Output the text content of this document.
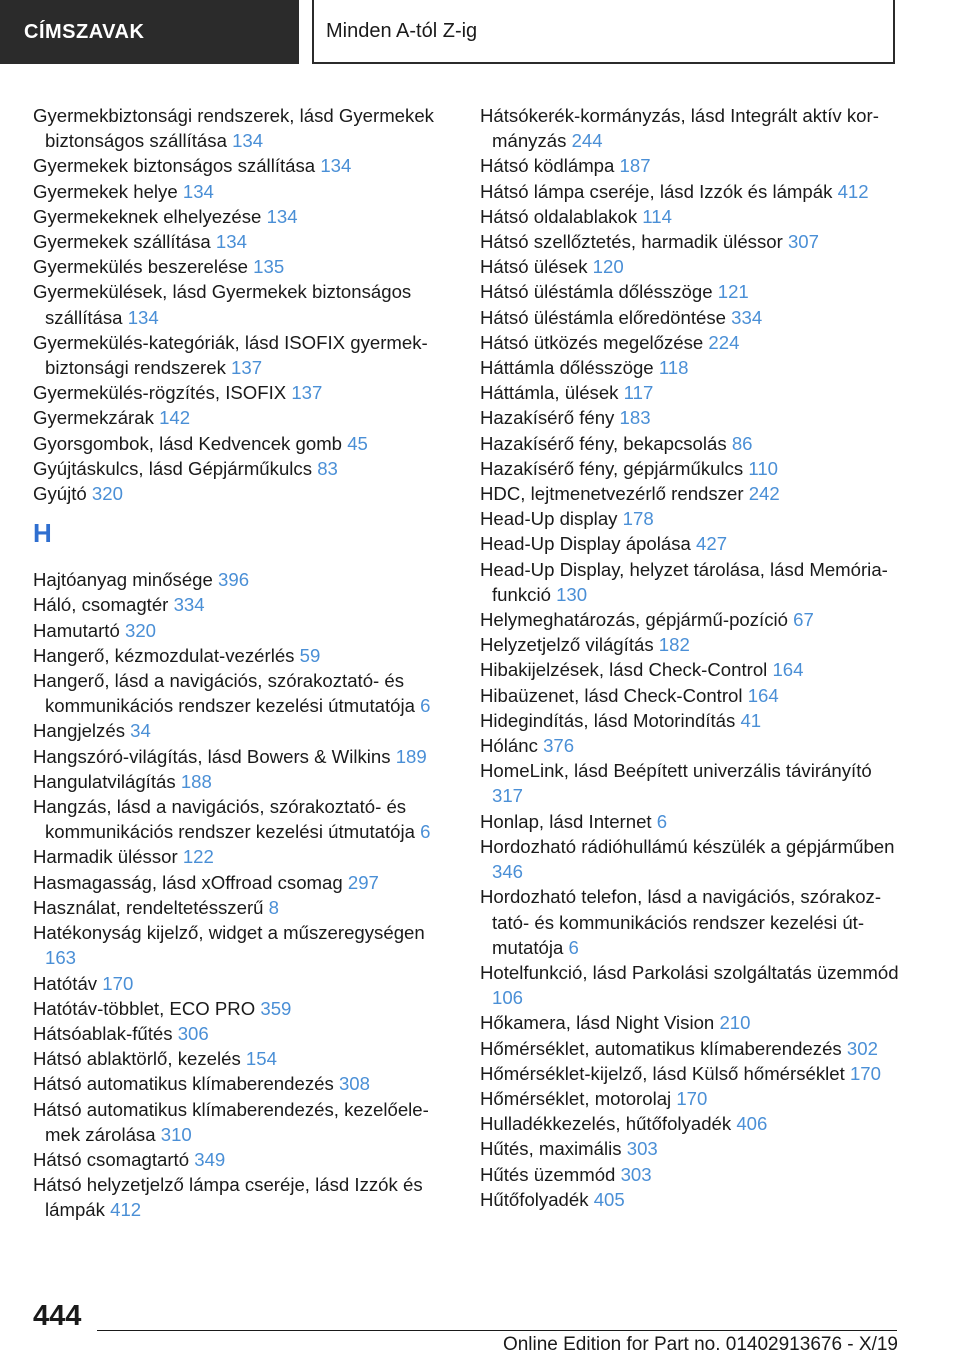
CÍMSZAVAK	Minden A-tól Z-ig
Gyermekbiztonsági rendszerek, lásd Gyermekek biztonságos szállítása 134
Gyermekek biztonságos szállítása 134
Gyermekek helye 134
Gyermekeknek elhelyezése 134
Gyermekek szállítása 134
Gyermekülés beszerelése 135
Gyermekülések, lásd Gyermekek biztonságos szállítása 134
Gyermekülés-kategóriák, lásd ISOFIX gyermekbiztonsági rendszerek 137
Gyermekülés-rögzítés, ISOFIX 137
Gyermekzárak 142
Gyorsgombok, lásd Kedvencek gomb 45
Gyújtáskulcs, lásd Gépjárműkulcs 83
Gyújtó 320
H
Hajtóanyag minősége 396
Háló, csomagtér 334
Hamutartó 320
Hangerő, kézmozdulat-vezérlés 59
Hangerő, lásd a navigációs, szórakoztató- és kommunikációs rendszer kezelési útmutatója 6
Hangjelzés 34
Hangszóró-világítás, lásd Bowers & Wilkins 189
Hangulatvilágítás 188
Hangzás, lásd a navigációs, szórakoztató- és kommunikációs rendszer kezelési útmutatója 6
Harmadik üléssor 122
Hasmagasság, lásd xOffroad csomag 297
Használat, rendeltetésszerű 8
Hatékonyság kijelző, widget a műszeregységen 163
Hatótáv 170
Hatótáv-többlet, ECO PRO 359
Hátsóablak-fűtés 306
Hátsó ablaktörlő, kezelés 154
Hátsó automatikus klímaberendezés 308
Hátsó automatikus klímaberendezés, kezelőelemek zárolása 310
Hátsó csomagtartó 349
Hátsó helyzetjelző lámpa cseréje, lásd Izzók és lámpák 412
Hátsókerék-kormányzás, lásd Integrált aktív kormányzás 244
Hátsó ködlámpa 187
Hátsó lámpa cseréje, lásd Izzók és lámpák 412
Hátsó oldalablakok 114
Hátsó szellőztetés, harmadik üléssor 307
Hátsó ülések 120
Hátsó üléstámla dőlésszöge 121
Hátsó üléstámla előredöntése 334
Hátsó ütközés megelőzése 224
Háttámla dőlésszöge 118
Háttámla, ülések 117
Hazakísérő fény 183
Hazakísérő fény, bekapcsolás 86
Hazakísérő fény, gépjárműkulcs 110
HDC, lejtmenetvezérlő rendszer 242
Head-Up display 178
Head-Up Display ápolása 427
Head-Up Display, helyzet tárolása, lásd Memóriafunkció 130
Helymeghatározás, gépjármű-pozíció 67
Helyzetjelző világítás 182
Hibakijelzések, lásd Check-Control 164
Hibaüzenet, lásd Check-Control 164
Hidegindítás, lásd Motorindítás 41
Hólánc 376
HomeLink, lásd Beépített univerzális távirányító 317
Honlap, lásd Internet 6
Hordozható rádióhullámú készülék a gépjárműben 346
Hordozható telefon, lásd a navigációs, szórakoztató- és kommunikációs rendszer kezelési útmutatója 6
Hotelfunkció, lásd Parkolási szolgáltatás üzemmód 106
Hőkamera, lásd Night Vision 210
Hőmérséklet, automatikus klímaberendezés 302
Hőmérséklet-kijelző, lásd Külső hőmérséklet 170
Hőmérséklet, motorolaj 170
Hulladékkezelés, hűtőfolyadék 406
Hűtés, maximális 303
Hűtés üzemmód 303
Hűtőfolyadék 405
444
Online Edition for Part no. 01402913676 - X/19
